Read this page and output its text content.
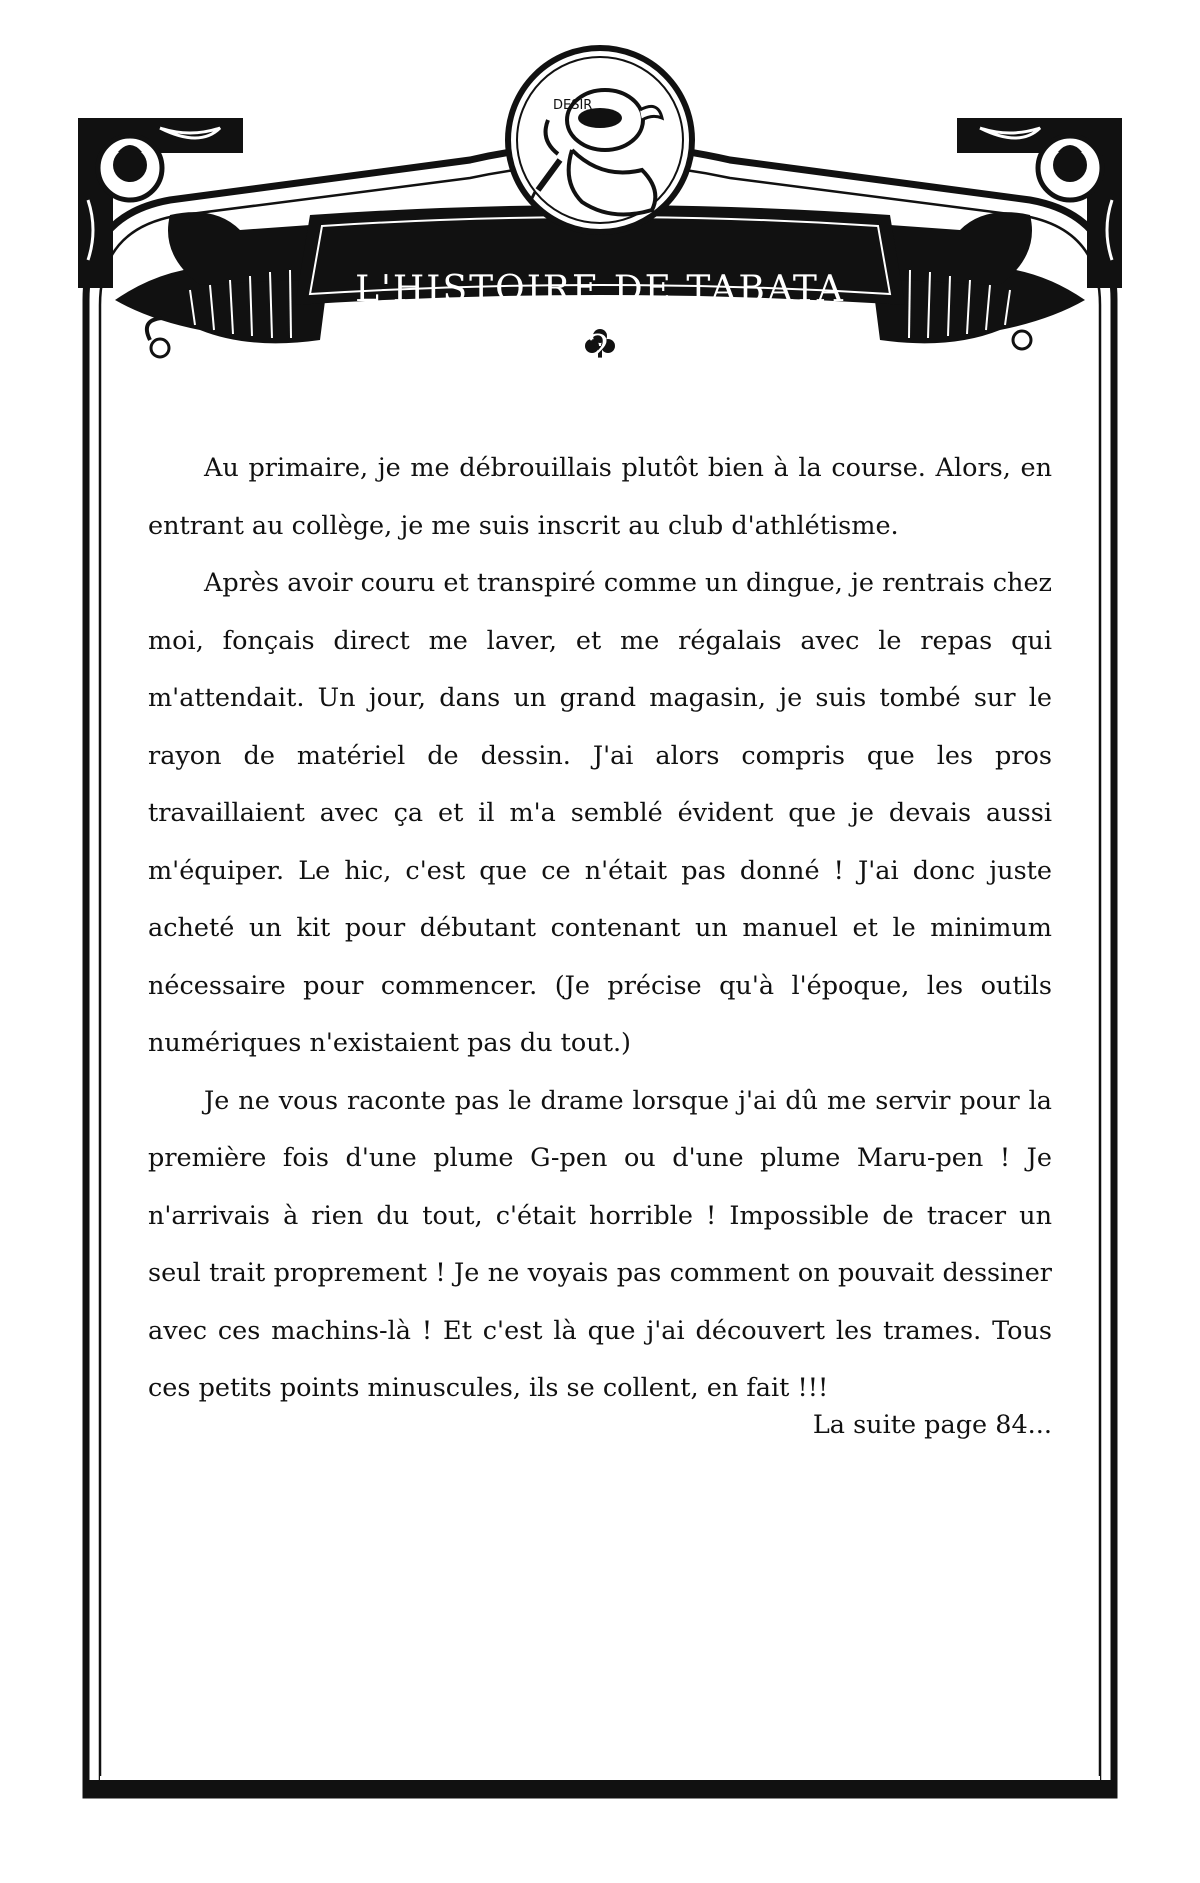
DESIR
L'HISTOIRE DE TABATA 2

Au primaire, je me débrouillais plutôt bien à la course. Alors, en entrant au collège, je me suis inscrit au club d'athlétisme.

Après avoir couru et transpiré comme un dingue, je rentrais chez moi, fonçais direct me laver, et me régalais avec le repas qui m'attendait. Un jour, dans un grand magasin, je suis tombé sur le rayon de matériel de dessin. J'ai alors compris que les pros travaillaient avec ça et il m'a semblé évident que je devais aussi m'équiper. Le hic, c'est que ce n'était pas donné ! J'ai donc juste acheté un kit pour débutant contenant un manuel et le minimum nécessaire pour commencer. (Je précise qu'à l'époque, les outils numériques n'existaient pas du tout.)

Je ne vous raconte pas le drame lorsque j'ai dû me servir pour la première fois d'une plume G-pen ou d'une plume Maru-pen ! Je n'arrivais à rien du tout, c'était horrible ! Impossible de tracer un seul trait proprement ! Je ne voyais pas comment on pouvait dessiner avec ces machins-là ! Et c'est là que j'ai découvert les trames. Tous ces petits points minuscules, ils se collent, en fait !!!

La suite page 84...
